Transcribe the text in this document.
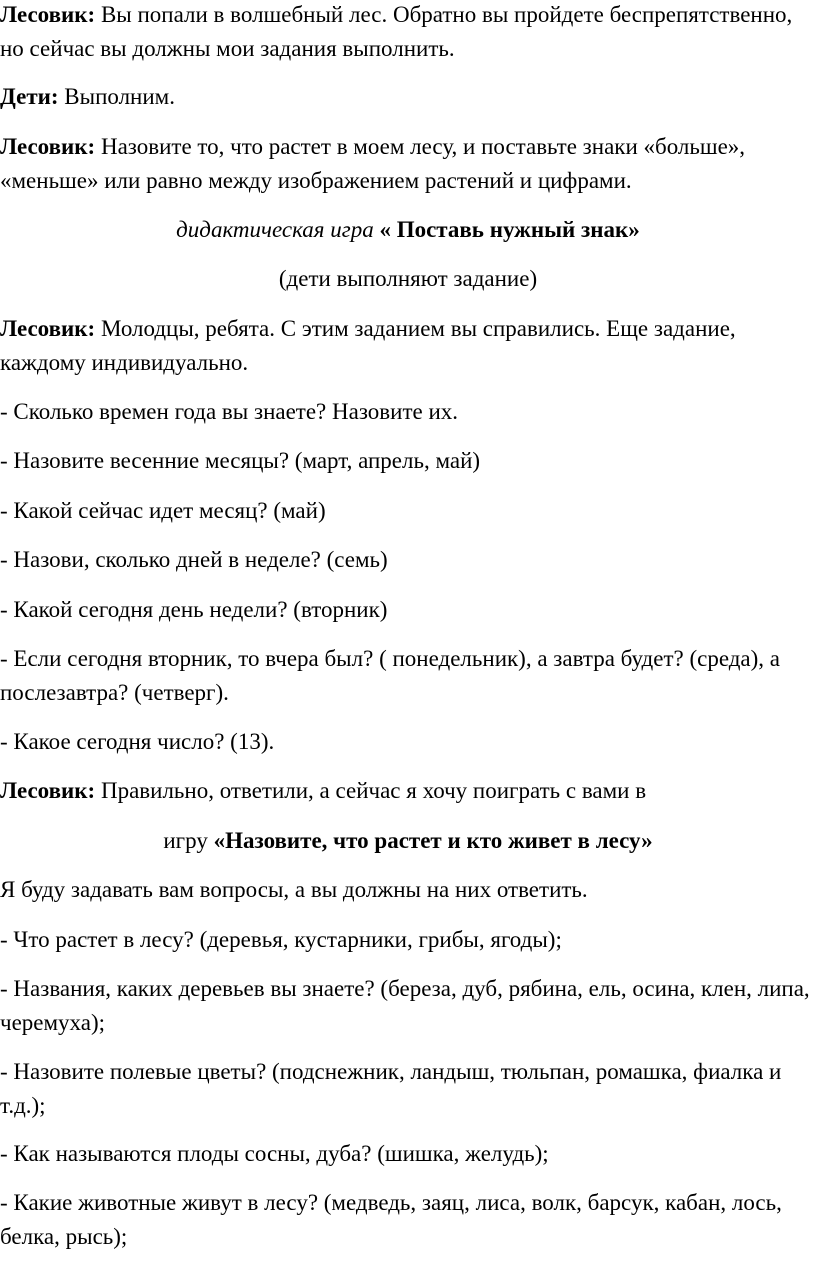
Лесовик: Вы попали в волшебный лес. Обратно вы пройдете беспрепятственно, но сейчас вы должны мои задания выполнить.

Дети: Выполним.

Лесовик: Назовите то, что растет в моем лесу, и поставьте знаки «больше», «меньше» или равно между изображением растений и цифрами.

дидактическая игра « Поставь нужный знак»

(дети выполняют задание)

Лесовик: Молодцы, ребята. С этим заданием вы справились. Еще задание, каждому индивидуально.

- Сколько времен года вы знаете? Назовите их.

- Назовите весенние месяцы? (март, апрель, май)

- Какой сейчас идет месяц? (май)

- Назови, сколько дней в неделе? (семь)

- Какой сегодня день недели? (вторник)

- Если сегодня вторник, то вчера был? ( понедельник), а завтра будет? (среда), а послезавтра? (четверг).

- Какое сегодня число? (13).

Лесовик: Правильно, ответили, а сейчас я хочу поиграть с вами в

игру «Назовите, что растет и кто живет в лесу»

Я буду задавать вам вопросы, а вы должны на них ответить.

- Что растет в лесу? (деревья, кустарники, грибы, ягоды);

- Названия, каких деревьев вы знаете? (береза, дуб, рябина, ель, осина, клен, липа, черемуха);

- Назовите полевые цветы? (подснежник, ландыш, тюльпан, ромашка, фиалка и т.д.);

- Как называются плоды сосны, дуба? (шишка, желудь);

- Какие животные живут в лесу? (медведь, заяц, лиса, волк, барсук, кабан, лось, белка, рысь);
